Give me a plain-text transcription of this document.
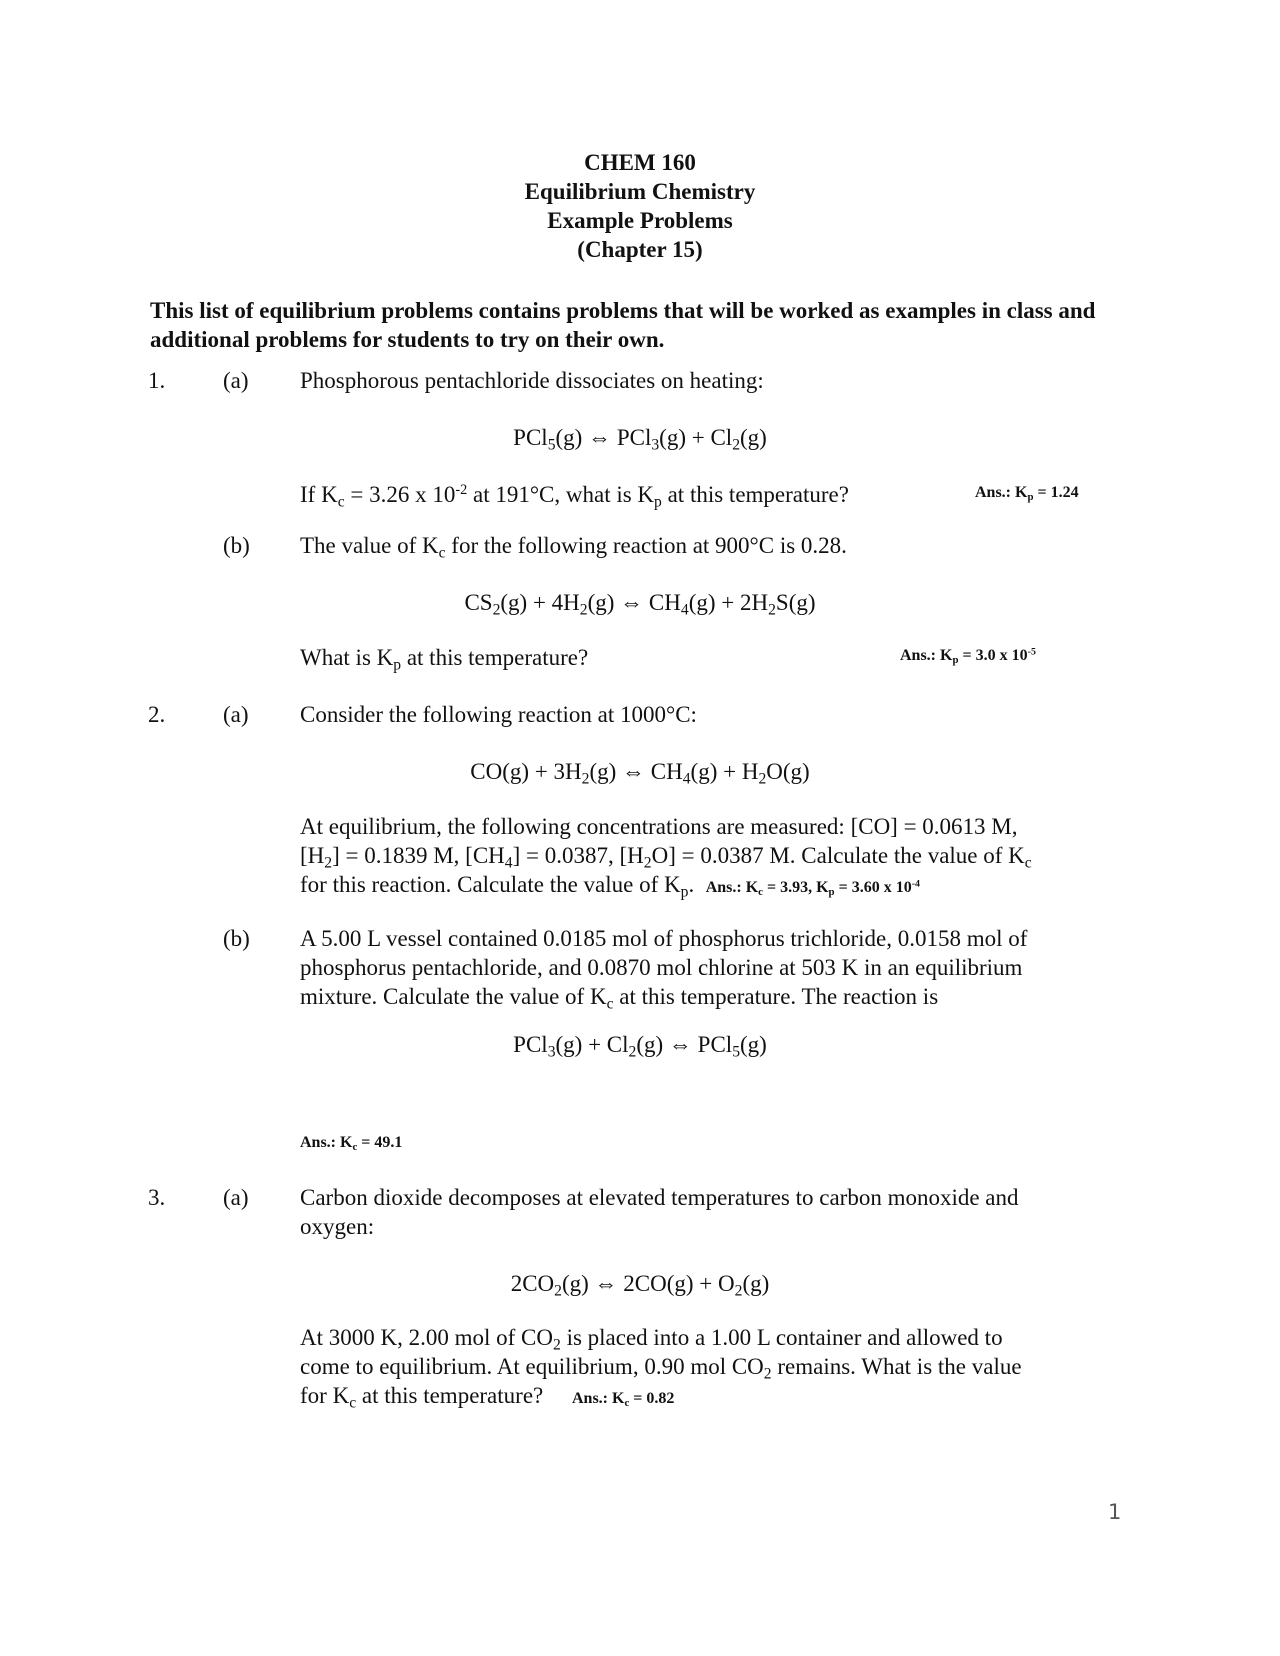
CHEM 160
Equilibrium Chemistry
Example Problems
(Chapter 15)
This list of equilibrium problems contains problems that will be worked as examples in class and additional problems for students to try on their own.
1.	(a) Phosphorous pentachloride dissociates on heating:
PCl$_5$(g) ⇔ $PCl_3(g) + Cl_2(g)$
If $K_c = 3.26$ x $10^{-2}$ at 191°C, what is $K_p$ at this temperature?	Ans.: $K_p = 1.24$
(b) The value of $K_c$ for the following reaction at 900°C is 0.28.
$CS_2(g) + 4H_2(g)$ ⇔ $CH_4(g) + 2H_2S(g)$
What is $K_p$ at this temperature?	Ans.: $K_p = 3.0$ x $10^{-5}$
2.	(a) Consider the following reaction at 1000°C:
$CO(g) + 3H_2(g)$ ⇔ $CH_4(g) + H_2O(g)$
At equilibrium, the following concentrations are measured: [CO] = 0.0613 M,
$[H_2] = 0.1839$ M, $[CH_4] = 0.0387$, $[H_2O] = 0.0387$ M. Calculate the value of $K_c$
for this reaction. Calculate the value of $K_p$. Ans.: $K_c = 3.93$, $K_p = 3.60$ x $10^{-4}$
(b) A 5.00 L vessel contained 0.0185 mol of phosphorus trichloride, 0.0158 mol of
phosphorus pentachloride, and 0.0870 mol chlorine at 503 K in an equilibrium
mixture. Calculate the value of $K_c$ at this temperature. The reaction is
$PCl_3(g) + Cl_2(g)$ ⇔ PCl$_5$(g)
Ans.: $K_c = 49.1$
3.	(a) Carbon dioxide decomposes at elevated temperatures to carbon monoxide and
oxygen:
$2CO_2(g)$ ⇔ $2CO(g) + O_2(g)$
At 3000 K, 2.00 mol of $CO_2$ is placed into a 1.00 L container and allowed to
come to equilibrium. At equilibrium, 0.90 mol $CO_2$ remains. What is the value
for $K_c$ at this temperature? Ans.: $K_c = 0.82$
1
